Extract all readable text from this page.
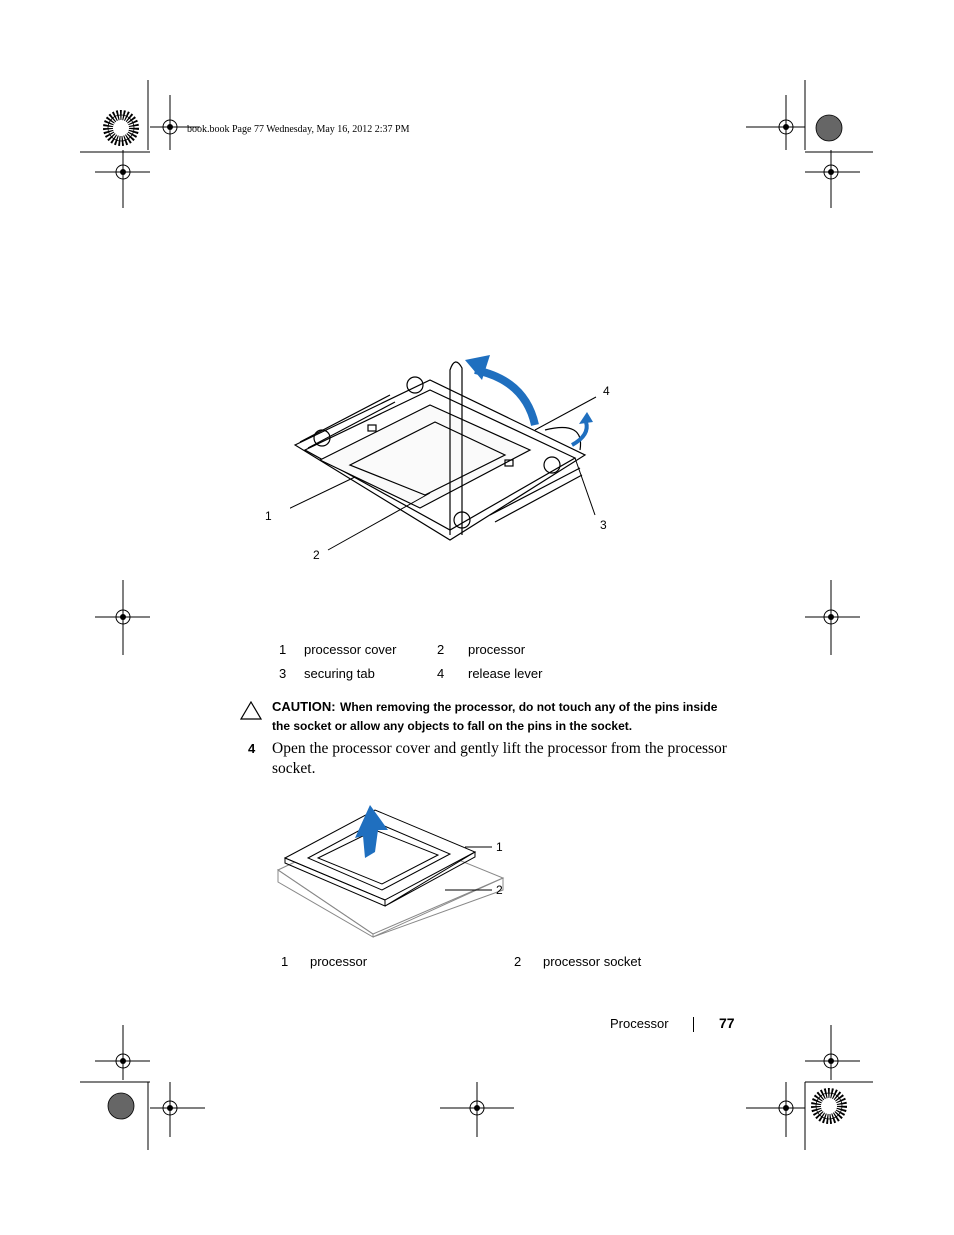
book.book Page 77 Wednesday, May 16, 2012 2:37 PM
1
2
3
4
1 processor cover	2 processor
3 securing tab	4 release lever
CAUTION: When removing the processor, do not touch any of the pins inside the socket or allow any objects to fall on the pins in the socket.
4 Open the processor cover and gently lift the processor from the processor socket.
1
2
1 processor	2 processor socket
Processor	77
